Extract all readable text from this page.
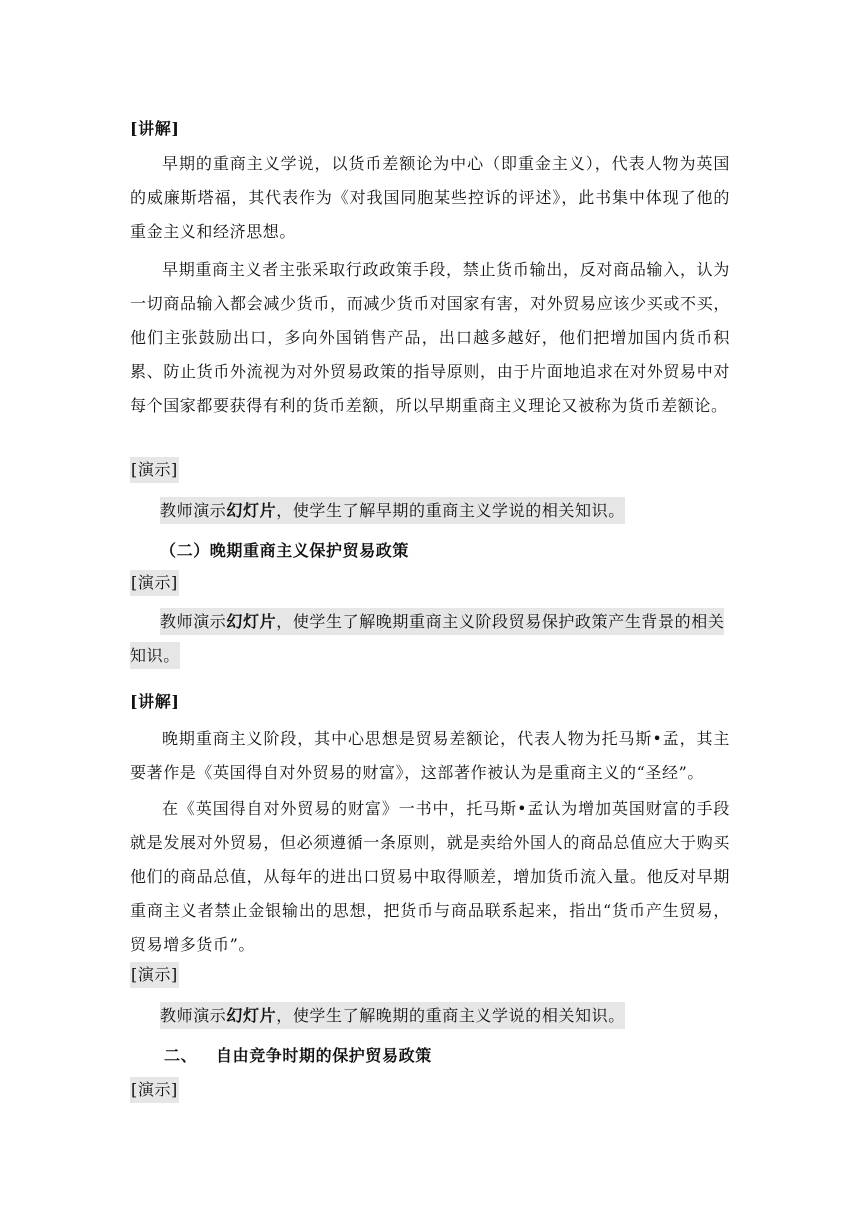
[讲解]
早期的重商主义学说，以货币差额论为中心（即重金主义），代表人物为英国的威廉斯塔福，其代表作为《对我国同胞某些控诉的评述》，此书集中体现了他的重金主义和经济思想。
早期重商主义者主张采取行政政策手段，禁止货币输出，反对商品输入，认为一切商品输入都会减少货币，而减少货币对国家有害，对外贸易应该少买或不买，他们主张鼓励出口，多向外国销售产品，出口越多越好，他们把增加国内货币积累、防止货币外流视为对外贸易政策的指导原则，由于片面地追求在对外贸易中对每个国家都要获得有利的货币差额，所以早期重商主义理论又被称为货币差额论。
[演示]
教师演示幻灯片，使学生了解早期的重商主义学说的相关知识。
（二）晚期重商主义保护贸易政策
[演示]
教师演示幻灯片，使学生了解晚期重商主义阶段贸易保护政策产生背景的相关知识。
[讲解]
晚期重商主义阶段，其中心思想是贸易差额论，代表人物为托马斯•孟，其主要著作是《英国得自对外贸易的财富》，这部著作被认为是重商主义的“圣经”。
在《英国得自对外贸易的财富》一书中，托马斯•孟认为增加英国财富的手段就是发展对外贸易，但必须遵循一条原则，就是卖给外国人的商品总值应大于购买他们的商品总值，从每年的进出口贸易中取得顺差，增加货币流入量。他反对早期重商主义者禁止金银输出的思想，把货币与商品联系起来，指出“货币产生贸易，贸易增多货币”。
[演示]
教师演示幻灯片，使学生了解晚期的重商主义学说的相关知识。
二、 自由竞争时期的保护贸易政策
[演示]
